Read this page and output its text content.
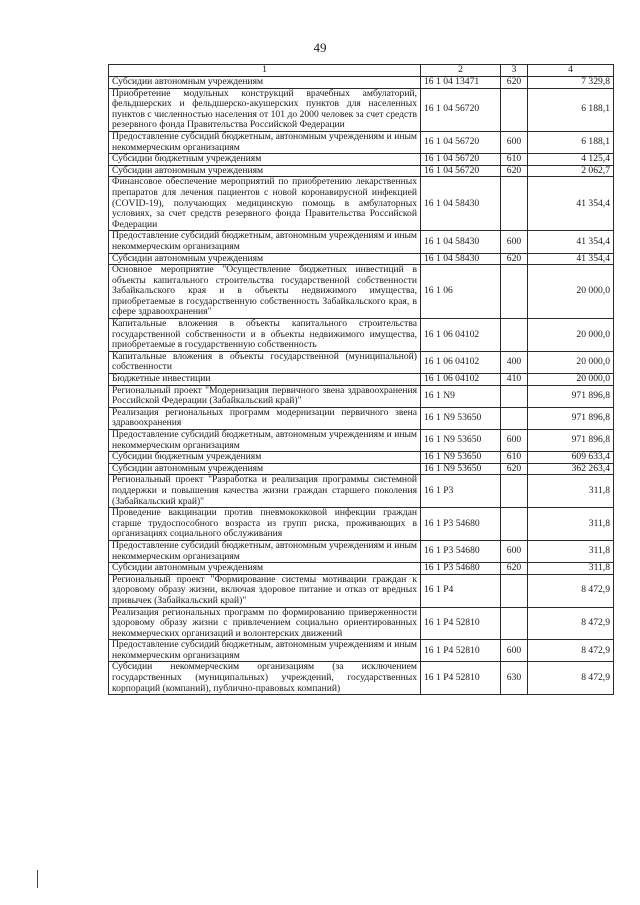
49
1	2	3	4
Субсидии автономным учреждениям	16 1 04 13471	620	7 329,8
Приобретение модульных конструкций врачебных амбулаторий, фельдшерских и фельдшерско-акушерских пунктов для населенных пунктов с численностью населения от 101 до 2000 человек за счет средств резервного фонда Правительства Российской Федерации	16 1 04 56720		6 188,1
Предоставление субсидий бюджетным, автономным учреждениям и иным некоммерческим организациям	16 1 04 56720	600	6 188,1
Субсидии бюджетным учреждениям	16 1 04 56720	610	4 125,4
Субсидии автономным учреждениям	16 1 04 56720	620	2 062,7
Финансовое обеспечение мероприятий по приобретению лекарственных препаратов для лечения пациентов с новой коронавирусной инфекцией (COVID-19), получающих медицинскую помощь в амбулаторных условиях, за счет средств резервного фонда Правительства Российской Федерации	16 1 04 58430		41 354,4
Предоставление субсидий бюджетным, автономным учреждениям и иным некоммерческим организациям	16 1 04 58430	600	41 354,4
Субсидии автономным учреждениям	16 1 04 58430	620	41 354,4
Основное мероприятие "Осуществление бюджетных инвестиций в объекты капитального строительства государственной собственности Забайкальского края и в объекты недвижимого имущества, приобретаемые в государственную собственность Забайкальского края, в сфере здравоохранения"	16 1 06		20 000,0
Капитальные вложения в объекты капитального строительства государственной собственности и в объекты недвижимого имущества, приобретаемые в государственную собственность	16 1 06 04102		20 000,0
Капитальные вложения в объекты государственной (муниципальной) собственности	16 1 06 04102	400	20 000,0
Бюджетные инвестиции	16 1 06 04102	410	20 000,0
Региональный проект "Модернизация первичного звена здравоохранения Российской Федерации (Забайкальский край)"	16 1 N9		971 896,8
Реализация региональных программ модернизации первичного звена здравоохранения	16 1 N9 53650		971 896,8
Предоставление субсидий бюджетным, автономным учреждениям и иным некоммерческим организациям	16 1 N9 53650	600	971 896,8
Субсидии бюджетным учреждениям	16 1 N9 53650	610	609 633,4
Субсидии автономным учреждениям	16 1 N9 53650	620	362 263,4
Региональный проект "Разработка и реализация программы системной поддержки и повышения качества жизни граждан старшего поколения (Забайкальский край)"	16 1 P3		311,8
Проведение вакцинации против пневмококковой инфекции граждан старше трудоспособного возраста из групп риска, проживающих в организациях социального обслуживания	16 1 P3 54680		311,8
Предоставление субсидий бюджетным, автономным учреждениям и иным некоммерческим организациям	16 1 P3 54680	600	311,8
Субсидии автономным учреждениям	16 1 P3 54680	620	311,8
Региональный проект "Формирование системы мотивации граждан к здоровому образу жизни, включая здоровое питание и отказ от вредных привычек (Забайкальский край)"	16 1 P4		8 472,9
Реализация региональных программ по формированию приверженности здоровому образу жизни с привлечением социально ориентированных некоммерческих организаций и волонтерских движений	16 1 P4 52810		8 472,9
Предоставление субсидий бюджетным, автономным учреждениям и иным некоммерческим организациям	16 1 P4 52810	600	8 472,9
Субсидии некоммерческим организациям (за исключением государственных (муниципальных) учреждений, государственных корпораций (компаний), публично-правовых компаний)	16 1 P4 52810	630	8 472,9
